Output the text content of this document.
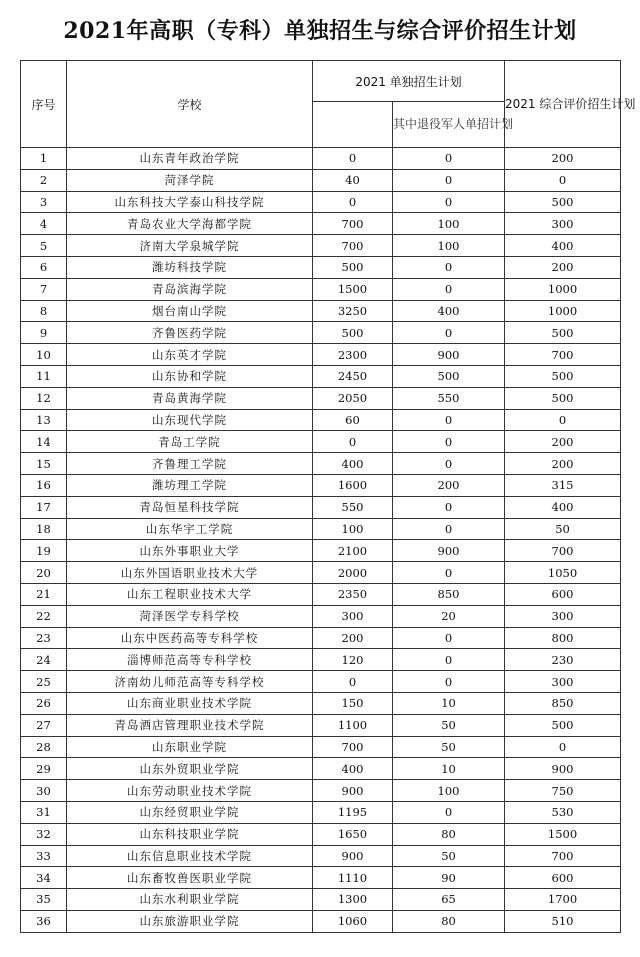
2021年高职（专科）单独招生与综合评价招生计划
序号	学校	2021 单独招生计划		2021 综合评价招生计划
			其中退役军人单招计划	
1	山东青年政治学院	0	0	200
2	菏泽学院	40	0	0
3	山东科技大学泰山科技学院	0	0	500
4	青岛农业大学海都学院	700	100	300
5	济南大学泉城学院	700	100	400
6	潍坊科技学院	500	0	200
7	青岛滨海学院	1500	0	1000
8	烟台南山学院	3250	400	1000
9	齐鲁医药学院	500	0	500
10	山东英才学院	2300	900	700
11	山东协和学院	2450	500	500
12	青岛黄海学院	2050	550	500
13	山东现代学院	60	0	0
14	青岛工学院	0	0	200
15	齐鲁理工学院	400	0	200
16	潍坊理工学院	1600	200	315
17	青岛恒星科技学院	550	0	400
18	山东华宇工学院	100	0	50
19	山东外事职业大学	2100	900	700
20	山东外国语职业技术大学	2000	0	1050
21	山东工程职业技术大学	2350	850	600
22	菏泽医学专科学校	300	20	300
23	山东中医药高等专科学校	200	0	800
24	淄博师范高等专科学校	120	0	230
25	济南幼儿师范高等专科学校	0	0	300
26	山东商业职业技术学院	150	10	850
27	青岛酒店管理职业技术学院	1100	50	500
28	山东职业学院	700	50	0
29	山东外贸职业学院	400	10	900
30	山东劳动职业技术学院	900	100	750
31	山东经贸职业学院	1195	0	530
32	山东科技职业学院	1650	80	1500
33	山东信息职业技术学院	900	50	700
34	山东畜牧兽医职业学院	1110	90	600
35	山东水利职业学院	1300	65	1700
36	山东旅游职业学院	1060	80	510
